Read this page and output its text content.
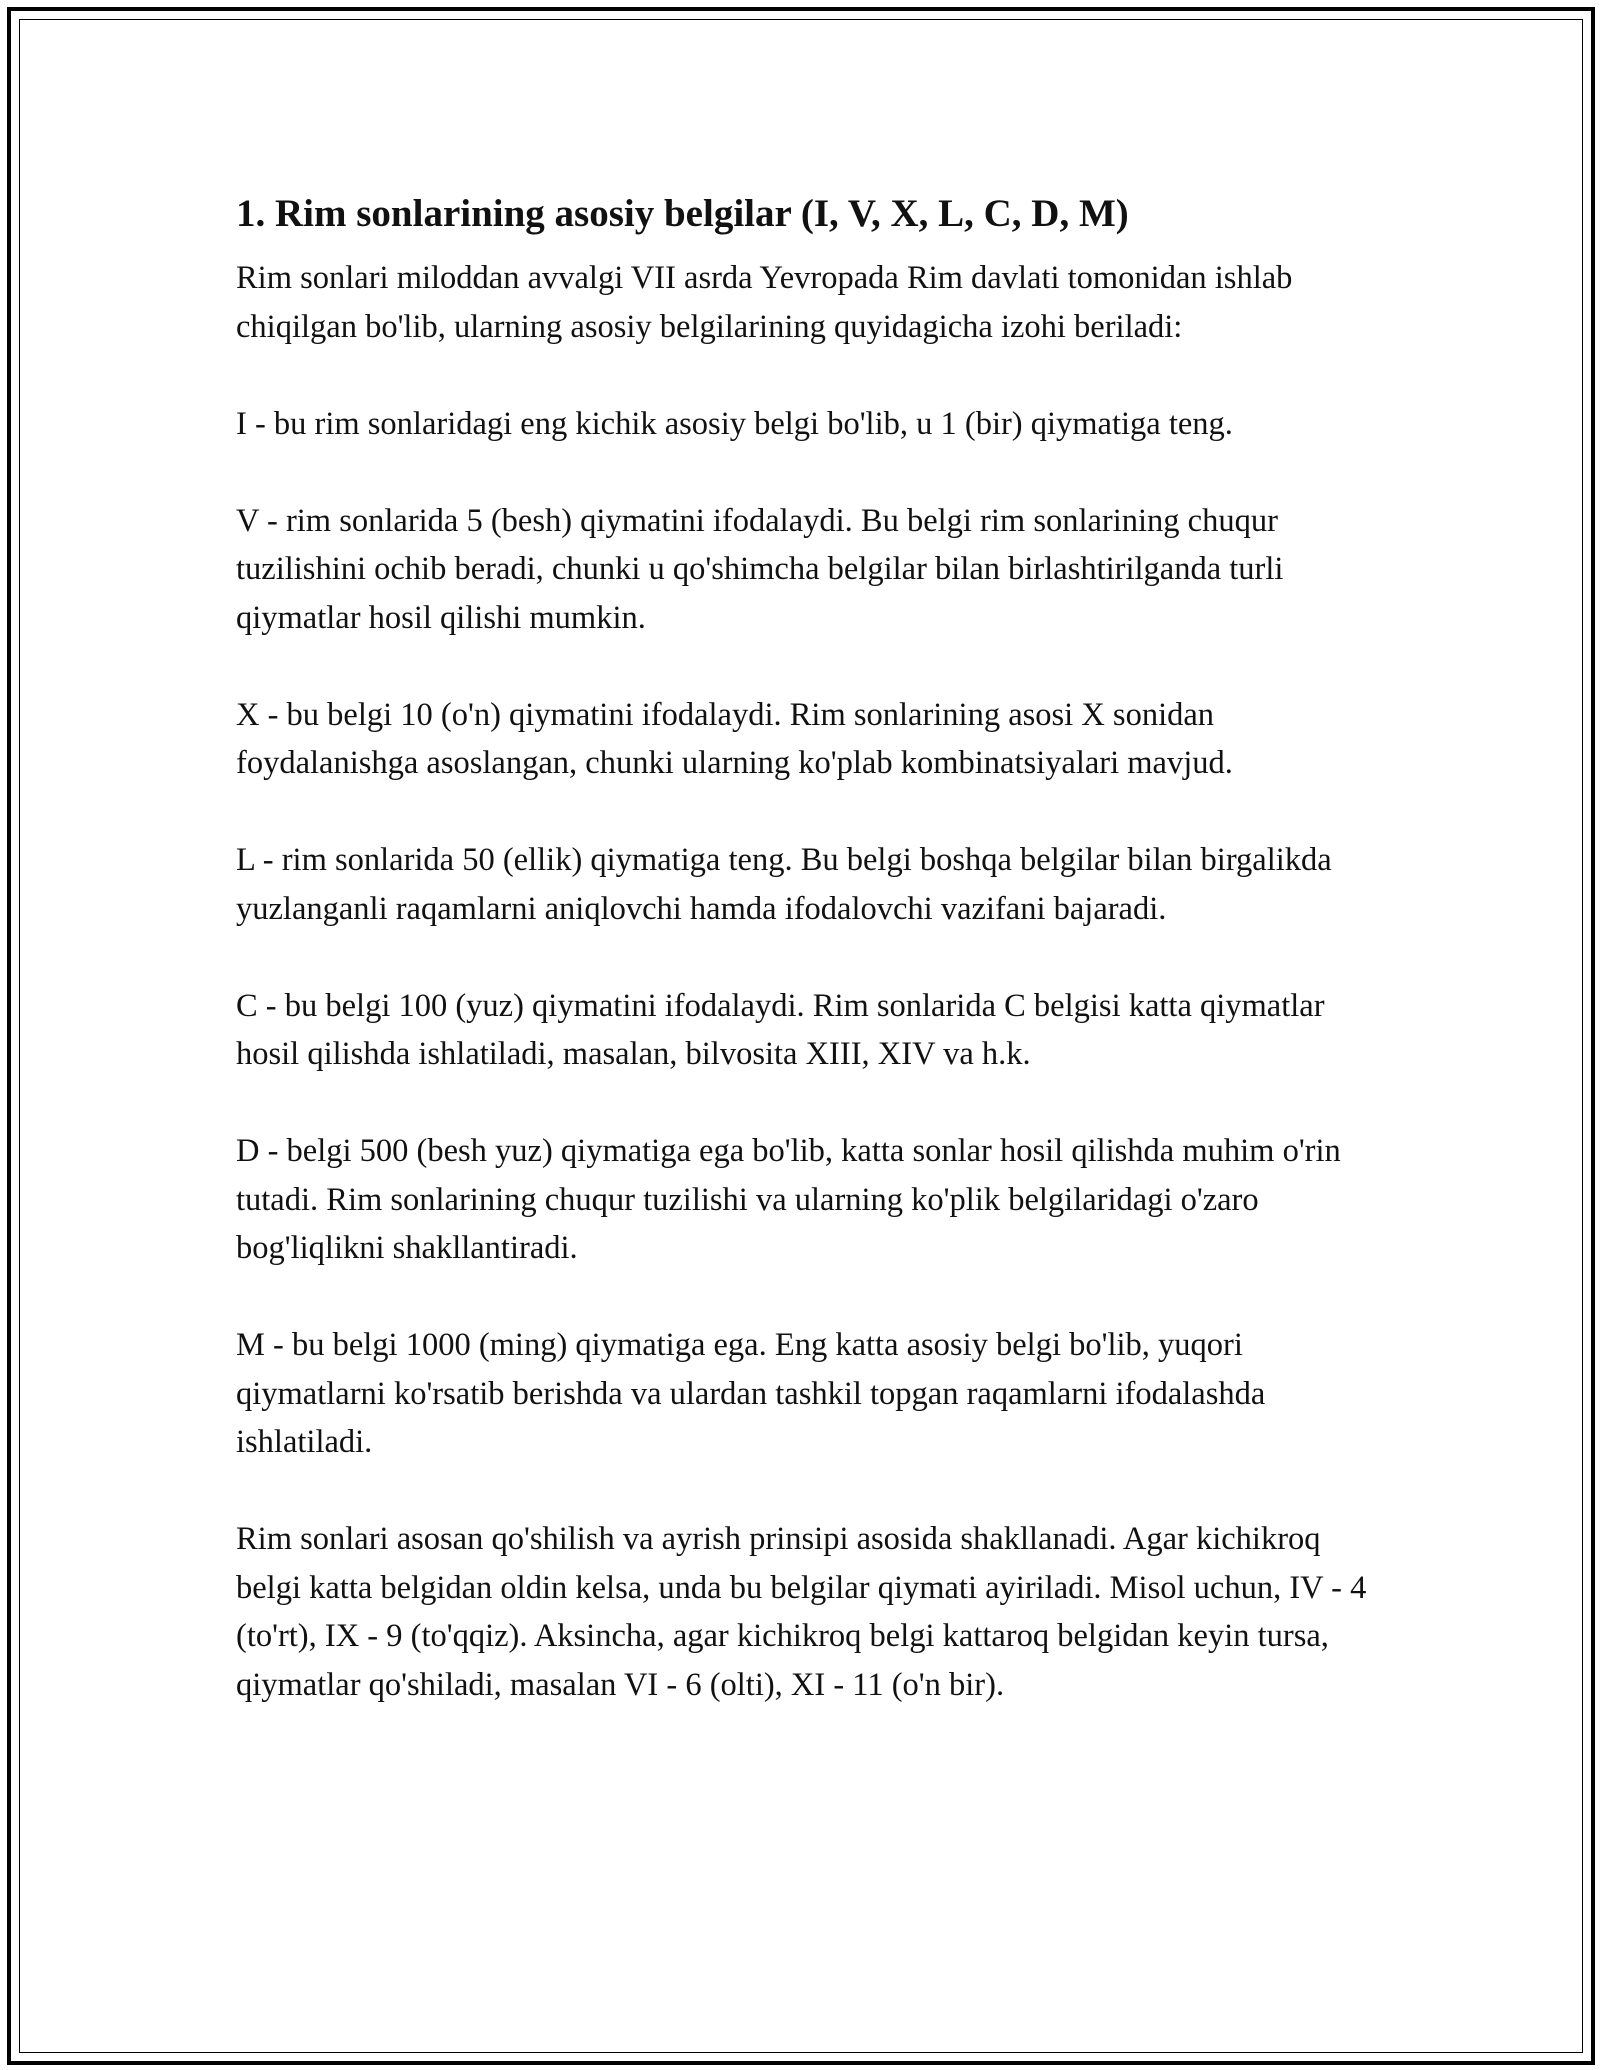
1. Rim sonlarining asosiy belgilar (I, V, X, L, C, D, M)

Rim sonlari miloddan avvalgi VII asrda Yevropada Rim davlati tomonidan ishlab chiqilgan bo'lib, ularning asosiy belgilarining quyidagicha izohi beriladi:

I - bu rim sonlaridagi eng kichik asosiy belgi bo'lib, u 1 (bir) qiymatiga teng.

V - rim sonlarida 5 (besh) qiymatini ifodalaydi. Bu belgi rim sonlarining chuqur tuzilishini ochib beradi, chunki u qo'shimcha belgilar bilan birlashtirilganda turli qiymatlar hosil qilishi mumkin.

X - bu belgi 10 (o'n) qiymatini ifodalaydi. Rim sonlarining asosi X sonidan foydalanishga asoslangan, chunki ularning ko'plab kombinatsiyalari mavjud.

L - rim sonlarida 50 (ellik) qiymatiga teng. Bu belgi boshqa belgilar bilan birgalikda yuzlanganli raqamlarni aniqlovchi hamda ifodalovchi vazifani bajaradi.

C - bu belgi 100 (yuz) qiymatini ifodalaydi. Rim sonlarida C belgisi katta qiymatlar hosil qilishda ishlatiladi, masalan, bilvosita XIII, XIV va h.k.

D - belgi 500 (besh yuz) qiymatiga ega bo'lib, katta sonlar hosil qilishda muhim o'rin tutadi. Rim sonlarining chuqur tuzilishi va ularning ko'plik belgilaridagi o'zaro bog'liqlikni shakllantiradi.

M - bu belgi 1000 (ming) qiymatiga ega. Eng katta asosiy belgi bo'lib, yuqori qiymatlarni ko'rsatib berishda va ulardan tashkil topgan raqamlarni ifodalashda ishlatiladi.

Rim sonlari asosan qo'shilish va ayrish prinsipi asosida shakllanadi. Agar kichikroq belgi katta belgidan oldin kelsa, unda bu belgilar qiymati ayiriladi. Misol uchun, IV - 4 (to'rt), IX - 9 (to'qqiz). Aksincha, agar kichikroq belgi kattaroq belgidan keyin tursa, qiymatlar qo'shiladi, masalan VI - 6 (olti), XI - 11 (o'n bir).
